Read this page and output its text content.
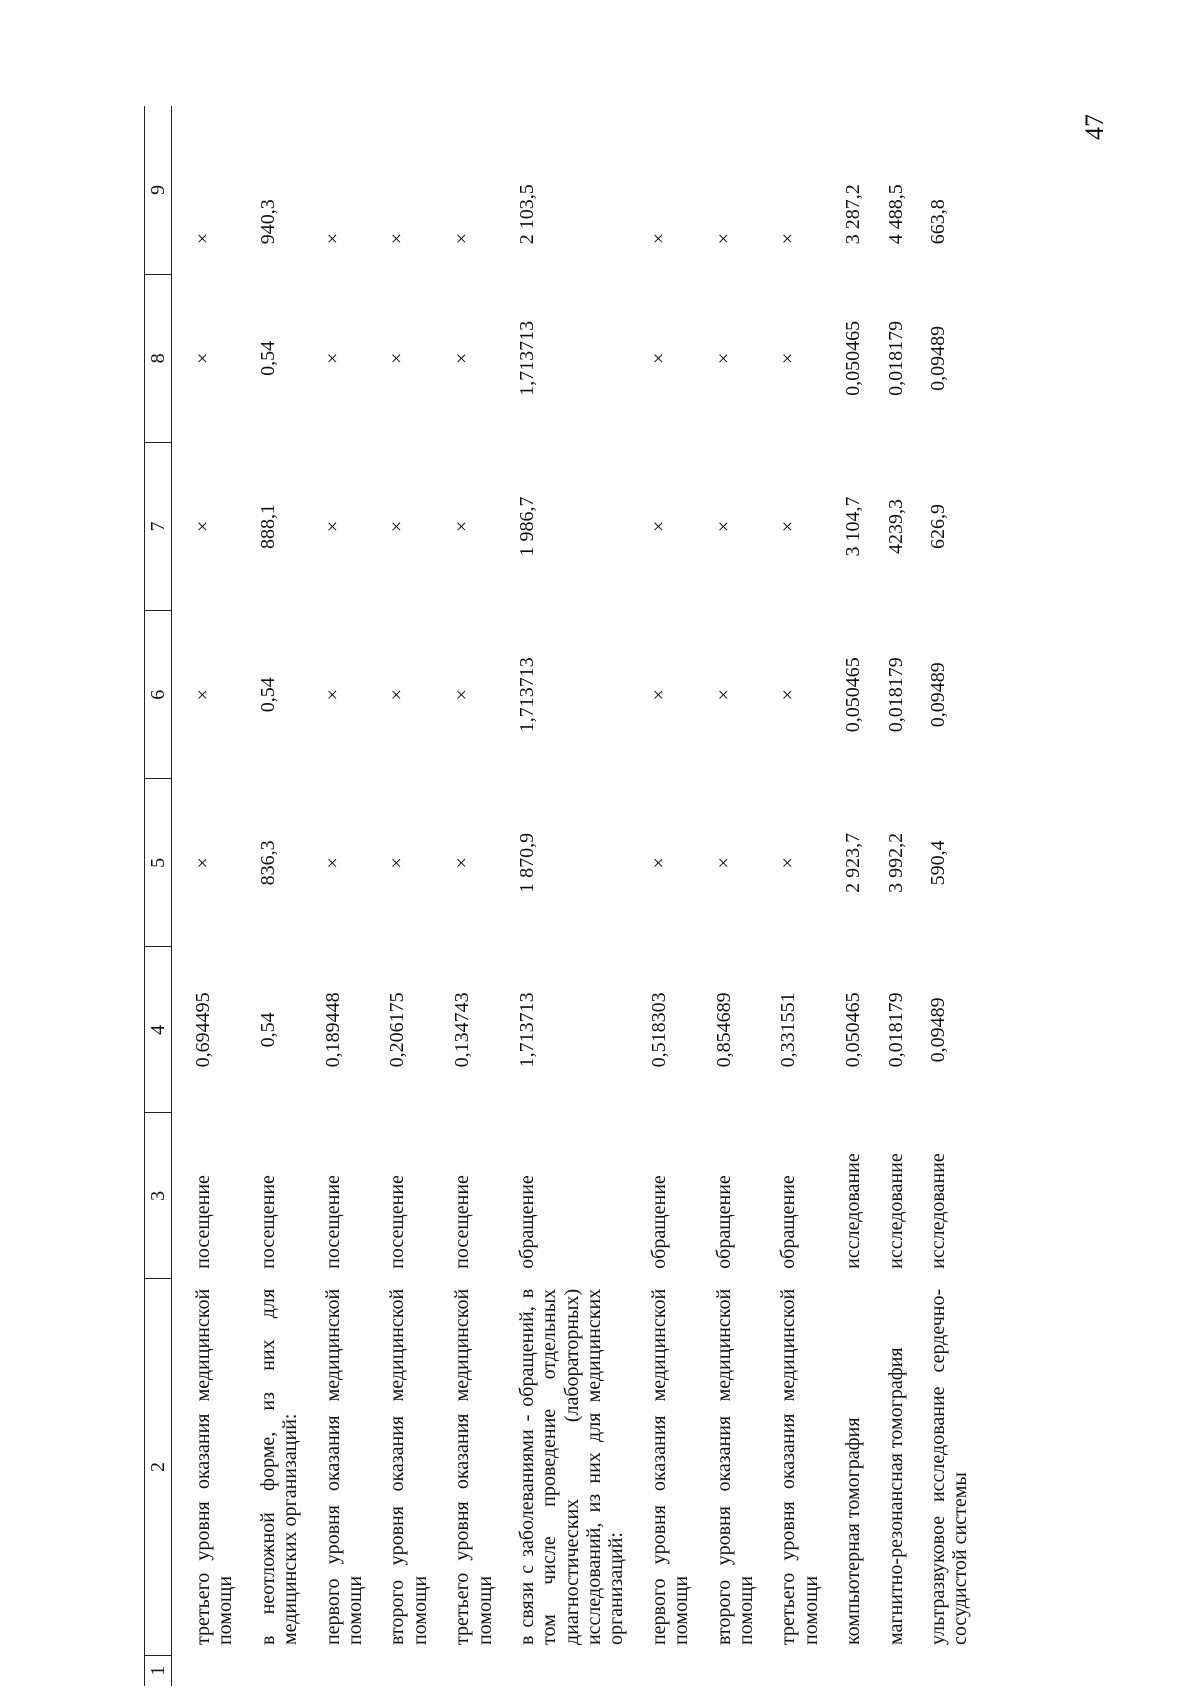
47
1	2	3	4	5	6	7	8	9
	третьего уровня оказания медицинской помощи	посещение	0,694495	×	×	×	×	×
	в неотложной форме, из них для медицинских организаций:	посещение	0,54	836,3	0,54	888,1	0,54	940,3
	первого уровня оказания медицинской помощи	посещение	0,189448	×	×	×	×	×
	второго уровня оказания медицинской помощи	посещение	0,206175	×	×	×	×	×
	третьего уровня оказания медицинской помощи	посещение	0,134743	×	×	×	×	×
	в связи с заболеваниями - обращений, в том числе проведение отдельных диагностических (лабораторных) исследований, из них для медицинских организаций:	обращение	1,713713	1 870,9	1,713713	1 986,7	1,713713	2 103,5
	первого уровня оказания медицинской помощи	обращение	0,518303	×	×	×	×	×
	второго уровня оказания медицинской помощи	обращение	0,854689	×	×	×	×	×
	третьего уровня оказания медицинской помощи	обращение	0,331551	×	×	×	×	×
	компьютерная томография	исследование	0,050465	2 923,7	0,050465	3 104,7	0,050465	3 287,2
	магнитно-резонансная томография	исследование	0,018179	3 992,2	0,018179	4239,3	0,018179	4 488,5
	ультразвуковое исследование сердечно-сосудистой системы	исследование	0,09489	590,4	0,09489	626,9	0,09489	663,8
